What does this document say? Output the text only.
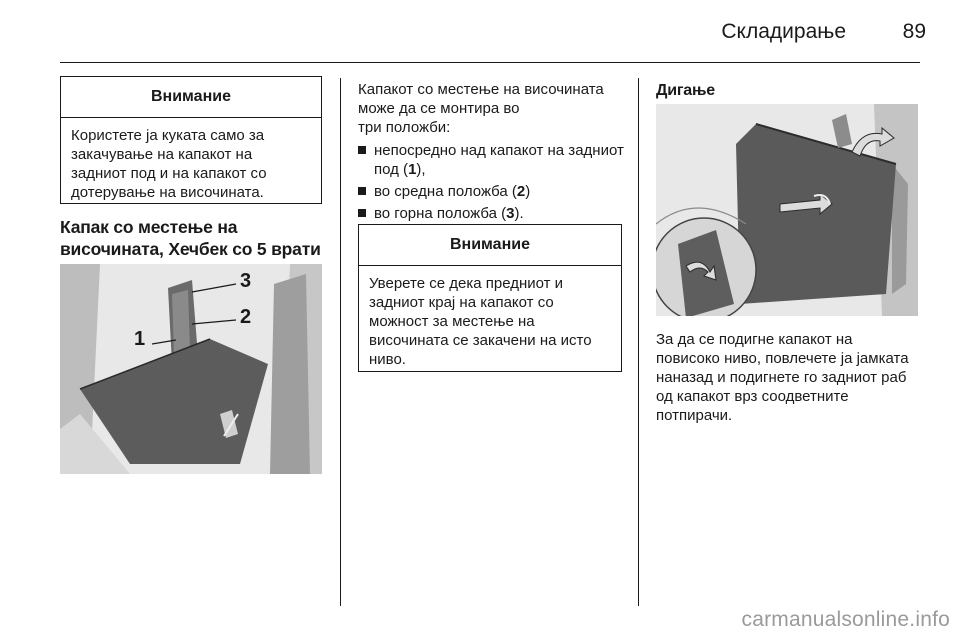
Складирање	89
Внимание
Користете ја куката само за закачување на капакот на задниот под и на капакот со дотерување на височината.
Капак со местење на
височината, Хечбек со 5 врати
1
2
3
Капакот со местење на височината
може да се монтира во
три положби:
непосредно над капакот на задниот под (1),
во средна положба (2)
во горна положба (3).
Внимание
Уверете се дека предниот и задниот крај на капакот со можност за местење на височината се закачени на исто ниво.
Дигање
За да се подигне капакот на повисоко ниво, повлечете ја јамката наназад и подигнете го задниот раб од капакот врз соодветните потпирачи.
carmanualsonline.info
